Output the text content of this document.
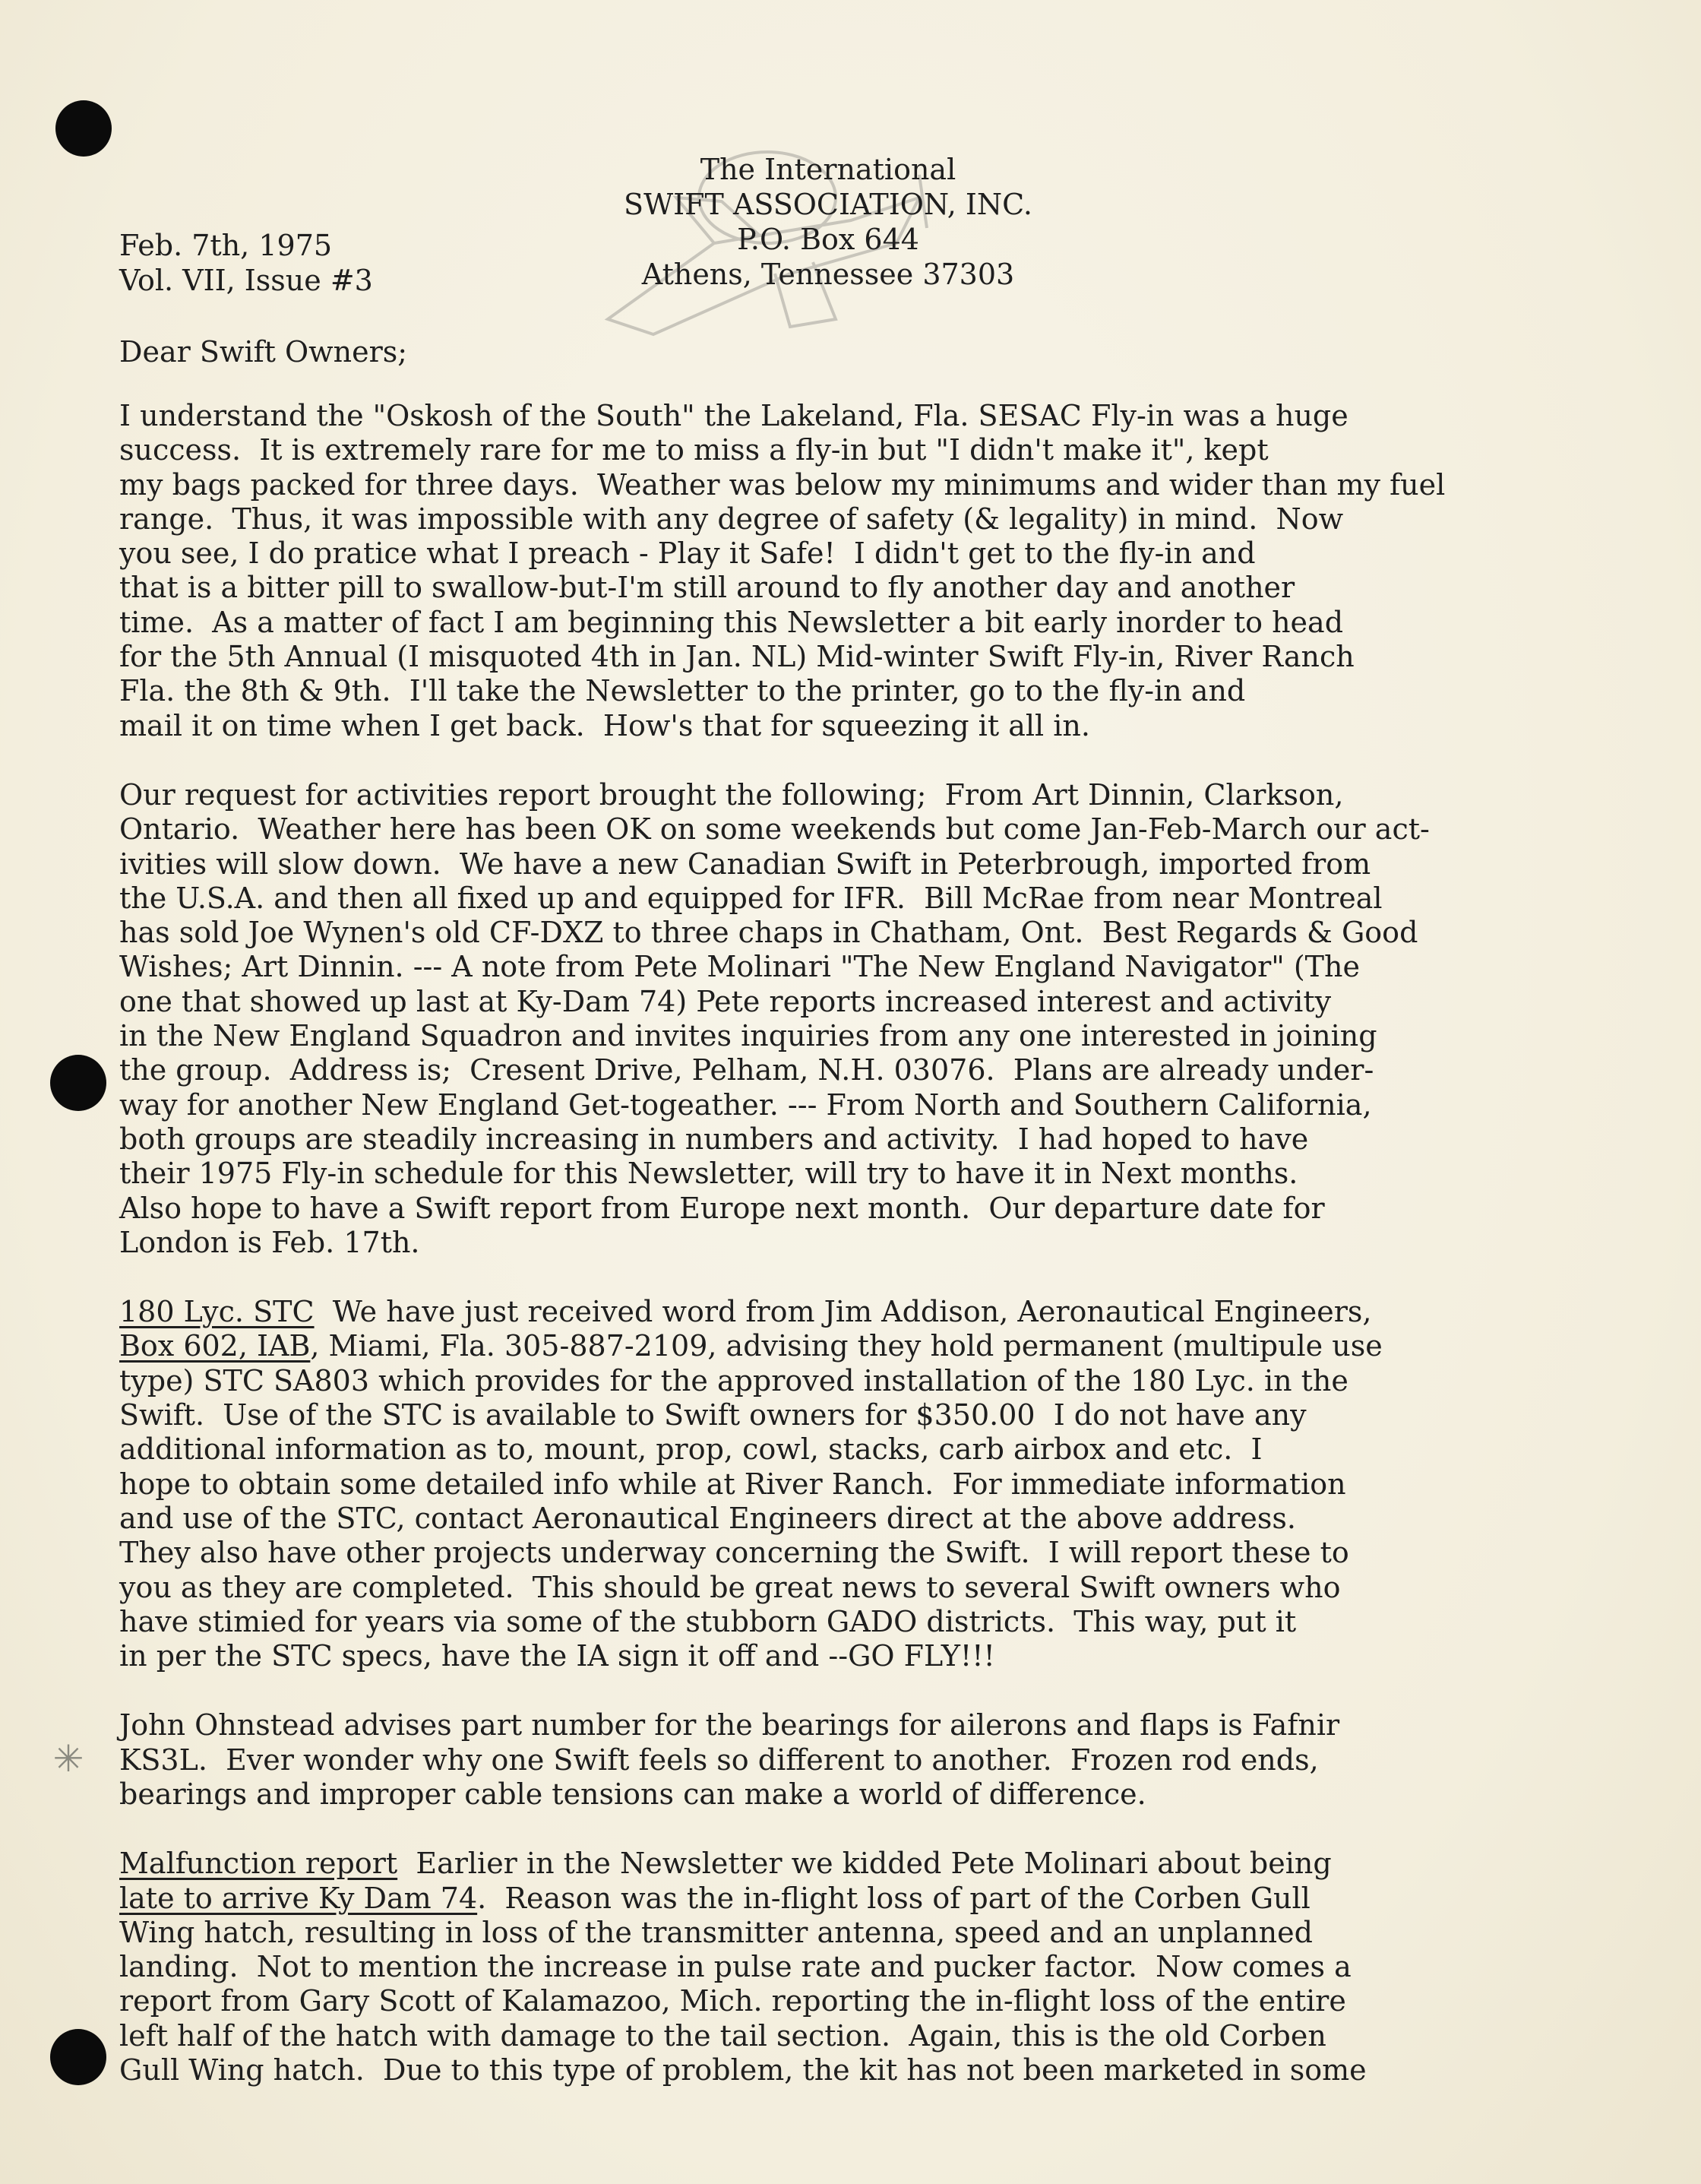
✳
The International
SWIFT ASSOCIATION, INC.
P.O. Box 644
Athens, Tennessee 37303
Feb. 7th, 1975
Vol. VII, Issue #3
Dear Swift Owners;
I understand the "Oskosh of the South" the Lakeland, Fla. SESAC Fly-in was a huge
success.  It is extremely rare for me to miss a fly-in but "I didn't make it", kept
my bags packed for three days.  Weather was below my minimums and wider than my fuel
range.  Thus, it was impossible with any degree of safety (& legality) in mind.  Now
you see, I do pratice what I preach - Play it Safe!  I didn't get to the fly-in and
that is a bitter pill to swallow-but-I'm still around to fly another day and another
time.  As a matter of fact I am beginning this Newsletter a bit early inorder to head
for the 5th Annual (I misquoted 4th in Jan. NL) Mid-winter Swift Fly-in, River Ranch
Fla. the 8th & 9th.  I'll take the Newsletter to the printer, go to the fly-in and
mail it on time when I get back.  How's that for squeezing it all in.
Our request for activities report brought the following;  From Art Dinnin, Clarkson,
Ontario.  Weather here has been OK on some weekends but come Jan-Feb-March our act-
ivities will slow down.  We have a new Canadian Swift in Peterbrough, imported from
the U.S.A. and then all fixed up and equipped for IFR.  Bill McRae from near Montreal
has sold Joe Wynen's old CF-DXZ to three chaps in Chatham, Ont.  Best Regards & Good
Wishes; Art Dinnin. --- A note from Pete Molinari "The New England Navigator" (The
one that showed up last at Ky-Dam 74) Pete reports increased interest and activity
in the New England Squadron and invites inquiries from any one interested in joining
the group.  Address is;  Cresent Drive, Pelham, N.H. 03076.  Plans are already under-
way for another New England Get-togeather. --- From North and Southern California,
both groups are steadily increasing in numbers and activity.  I had hoped to have
their 1975 Fly-in schedule for this Newsletter, will try to have it in Next months.
Also hope to have a Swift report from Europe next month.  Our departure date for
London is Feb. 17th.
180 Lyc. STC  We have just received word from Jim Addison, Aeronautical Engineers,
Box 602, IAB, Miami, Fla. 305-887-2109, advising they hold permanent (multipule use
type) STC SA803 which provides for the approved installation of the 180 Lyc. in the
Swift.  Use of the STC is available to Swift owners for $350.00  I do not have any
additional information as to, mount, prop, cowl, stacks, carb airbox and etc.  I
hope to obtain some detailed info while at River Ranch.  For immediate information
and use of the STC, contact Aeronautical Engineers direct at the above address.
They also have other projects underway concerning the Swift.  I will report these to
you as they are completed.  This should be great news to several Swift owners who
have stimied for years via some of the stubborn GADO districts.  This way, put it
in per the STC specs, have the IA sign it off and --GO FLY!!!
John Ohnstead advises part number for the bearings for ailerons and flaps is Fafnir
KS3L.  Ever wonder why one Swift feels so different to another.  Frozen rod ends,
bearings and improper cable tensions can make a world of difference.
Malfunction report  Earlier in the Newsletter we kidded Pete Molinari about being
late to arrive Ky Dam 74.  Reason was the in-flight loss of part of the Corben Gull
Wing hatch, resulting in loss of the transmitter antenna, speed and an unplanned
landing.  Not to mention the increase in pulse rate and pucker factor.  Now comes a
report from Gary Scott of Kalamazoo, Mich. reporting the in-flight loss of the entire
left half of the hatch with damage to the tail section.  Again, this is the old Corben
Gull Wing hatch.  Due to this type of problem, the kit has not been marketed in some
